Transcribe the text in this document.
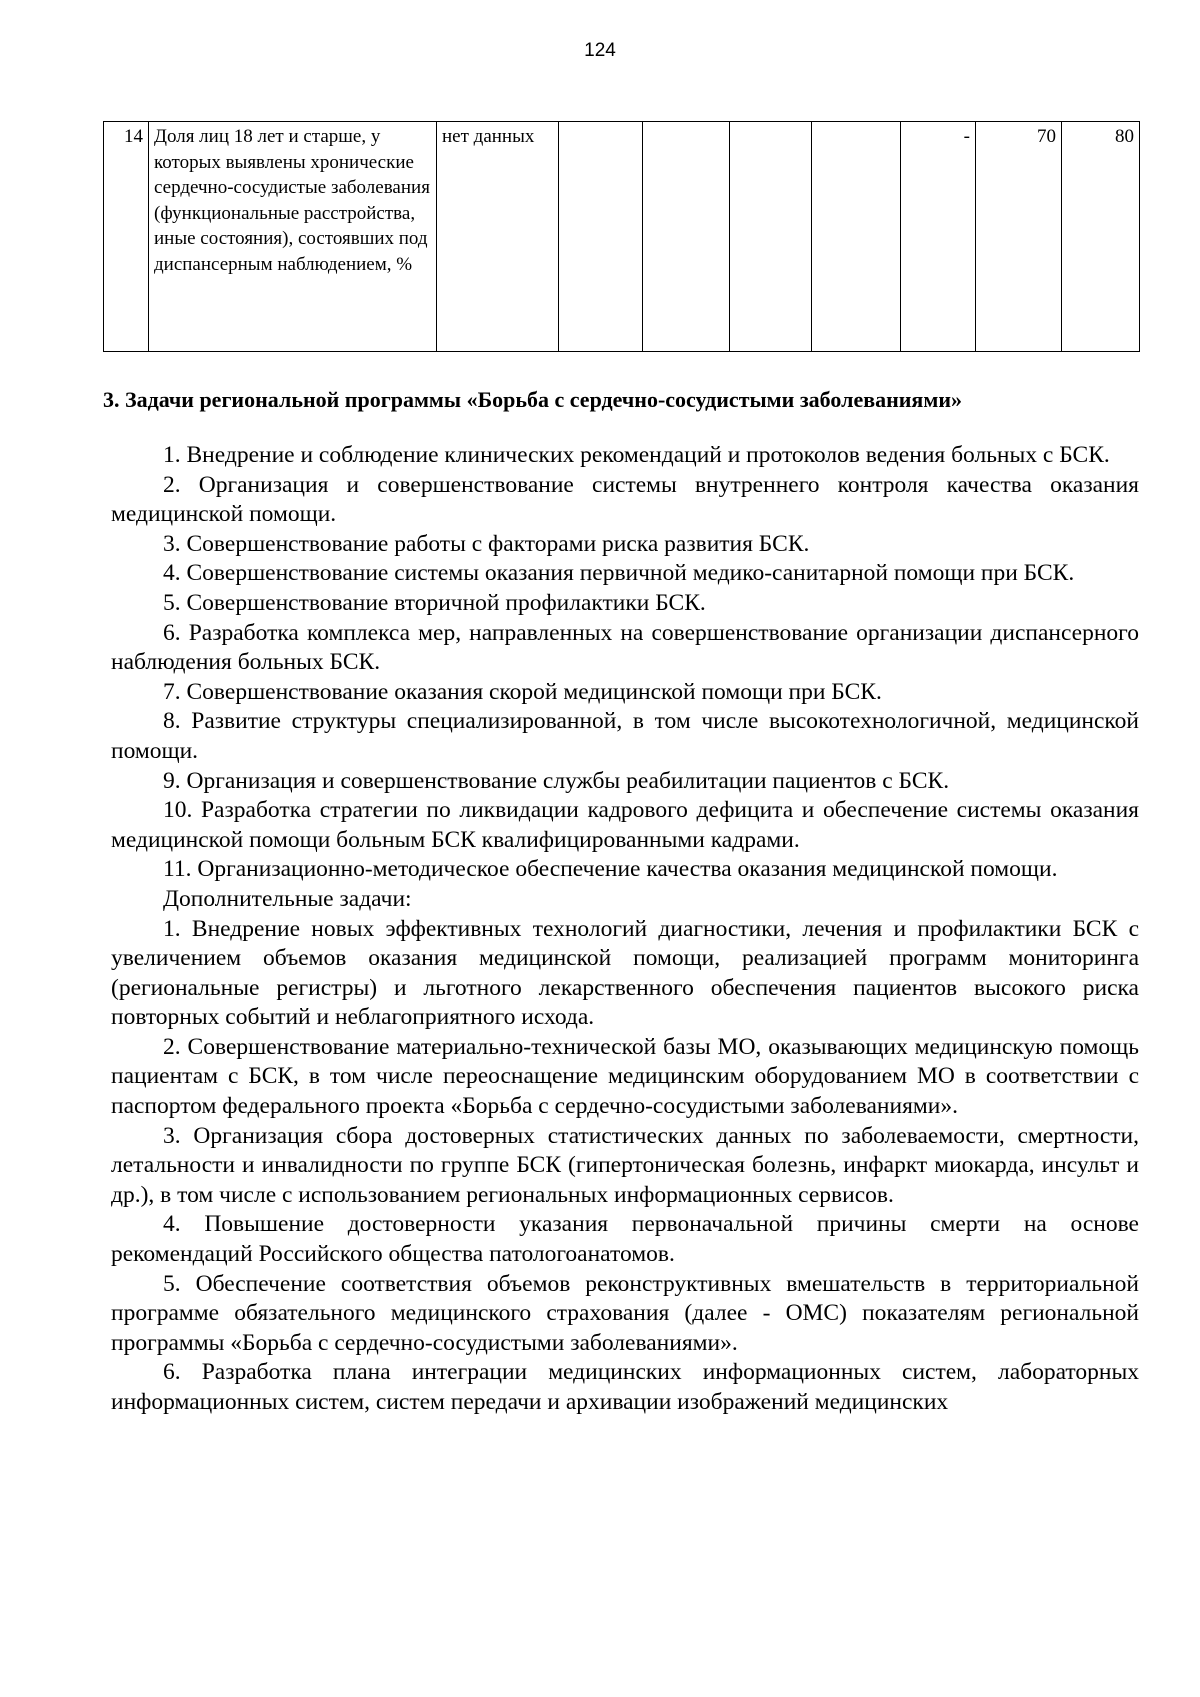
124
14	Доля лиц 18 лет и старше, у которых выявлены хронические сердечно-сосудистые заболевания (функциональные расстройства, иные состояния), состоявших под диспансерным наблюдением, %	нет данных					-	70	80
3. Задачи региональной программы «Борьба с сердечно-сосудистыми заболеваниями»

1. Внедрение и соблюдение клинических рекомендаций и протоколов ведения больных с БСК.

2. Организация и совершенствование системы внутреннего контроля качества оказания медицинской помощи.

3. Совершенствование работы с факторами риска развития БСК.

4. Совершенствование системы оказания первичной медико-санитарной помощи при БСК.

5. Совершенствование вторичной профилактики БСК.

6. Разработка комплекса мер, направленных на совершенствование организации диспансерного наблюдения больных БСК.

7. Совершенствование оказания скорой медицинской помощи при БСК.

8. Развитие структуры специализированной, в том числе высокотехнологичной, медицинской помощи.

9. Организация и совершенствование службы реабилитации пациентов с БСК.

10. Разработка стратегии по ликвидации кадрового дефицита и обеспечение системы оказания медицинской помощи больным БСК квалифицированными кадрами.

11. Организационно-методическое обеспечение качества оказания медицинской помощи.

Дополнительные задачи:

1. Внедрение новых эффективных технологий диагностики, лечения и профилактики БСК с увеличением объемов оказания медицинской помощи, реализацией программ мониторинга (региональные регистры) и льготного лекарственного обеспечения пациентов высокого риска повторных событий и неблагоприятного исхода.

2. Совершенствование материально-технической базы МО, оказывающих медицинскую помощь пациентам с БСК, в том числе переоснащение медицинским оборудованием МО в соответствии с паспортом федерального проекта «Борьба с сердечно-сосудистыми заболеваниями».

3. Организация сбора достоверных статистических данных по заболеваемости, смертности, летальности и инвалидности по группе БСК (гипертоническая болезнь, инфаркт миокарда, инсульт и др.), в том числе с использованием региональных информационных сервисов.

4. Повышение достоверности указания первоначальной причины смерти на основе рекомендаций Российского общества патологоанатомов.

5. Обеспечение соответствия объемов реконструктивных вмешательств в территориальной программе обязательного медицинского страхования (далее - ОМС) показателям региональной программы «Борьба с сердечно-сосудистыми заболеваниями».

6. Разработка плана интеграции медицинских информационных систем, лабораторных информационных систем, систем передачи и архивации изображений медицинских
